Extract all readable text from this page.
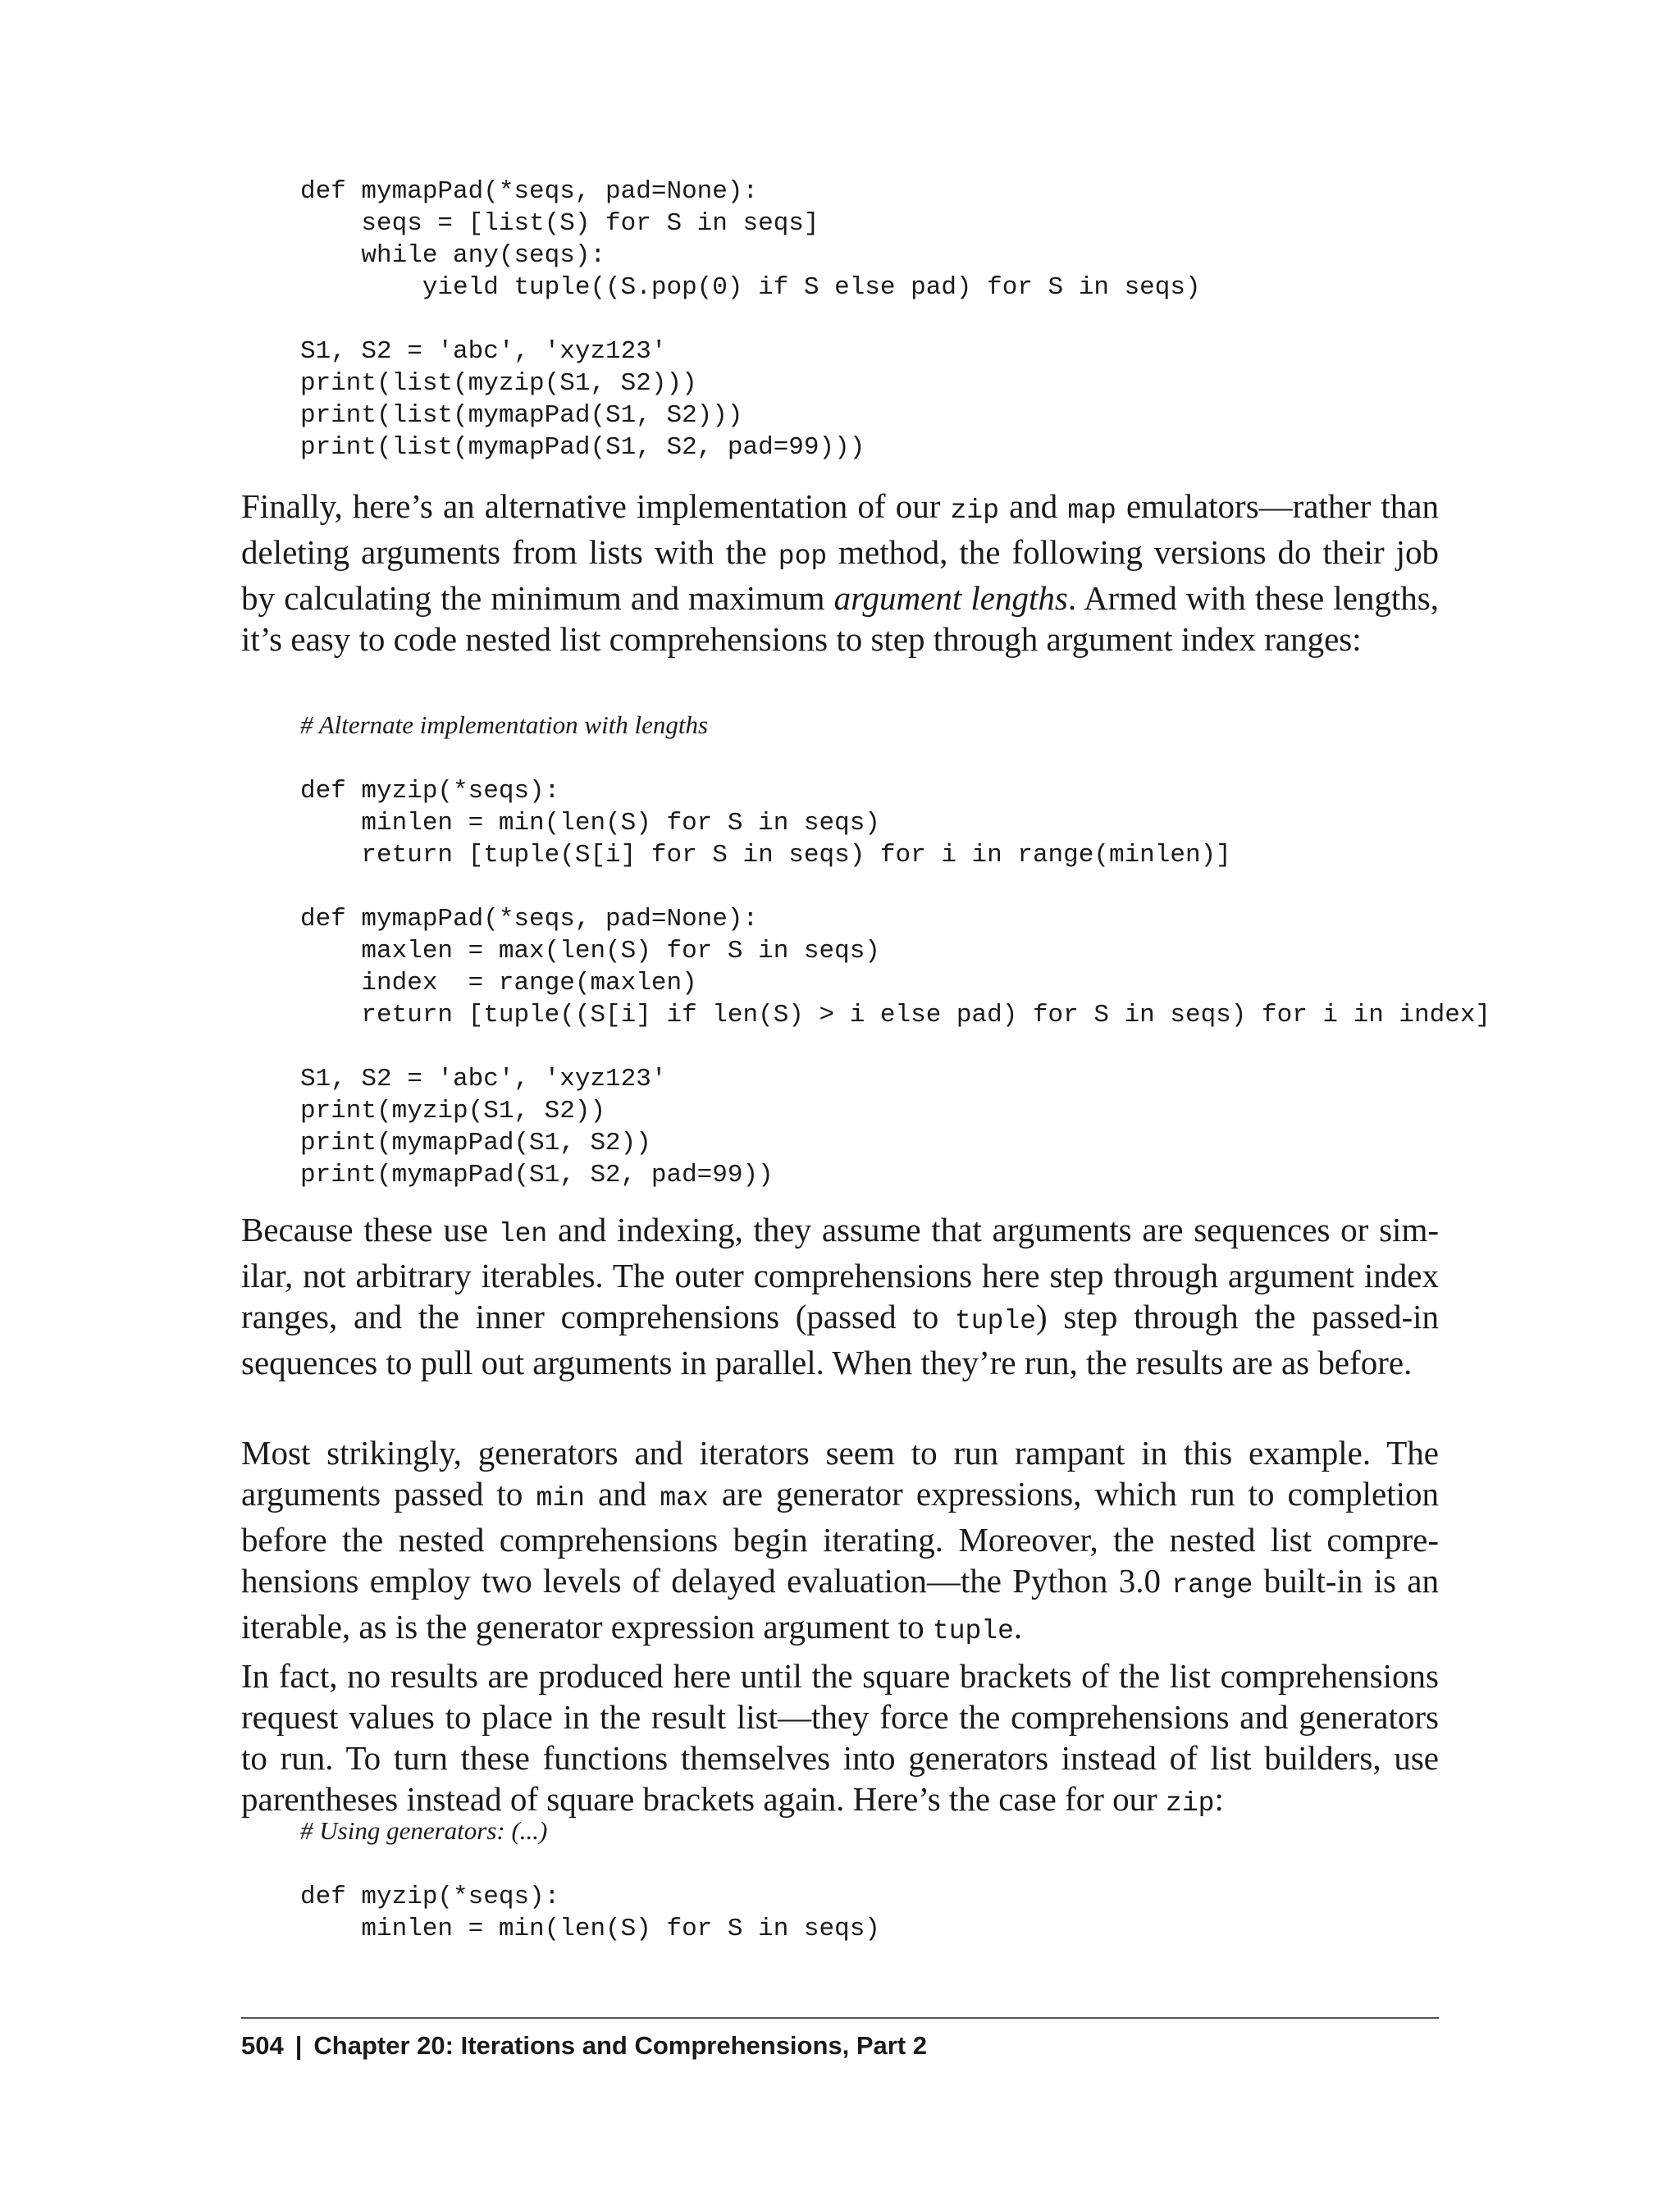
def mymapPad(*seqs, pad=None):
seqs = [list(S) for S in seqs]
while any(seqs):
yield tuple((S.pop(0) if S else pad) for S in seqs)

S1, S2 = 'abc', 'xyz123'
print(list(myzip(S1, S2)))
print(list(mymapPad(S1, S2)))
print(list(mymapPad(S1, S2, pad=99)))

Finally, here’s an alternative implementation of our zip and map emulators—rather than deleting arguments from lists with the pop method, the following versions do their job by calculating the minimum and maximum argument lengths. Armed with these lengths, it’s easy to code nested list comprehensions to step through argument index ranges:

# Alternate implementation with lengths

def myzip(*seqs):
minlen = min(len(S) for S in seqs)
return [tuple(S[i] for S in seqs) for i in range(minlen)]

def mymapPad(*seqs, pad=None):
maxlen = max(len(S) for S in seqs)
index  = range(maxlen)
return [tuple((S[i] if len(S) > i else pad) for S in seqs) for i in index]

S1, S2 = 'abc', 'xyz123'
print(myzip(S1, S2))
print(mymapPad(S1, S2))
print(mymapPad(S1, S2, pad=99))

Because these use len and indexing, they assume that arguments are sequences or sim-ilar, not arbitrary iterables. The outer comprehensions here step through argument index ranges, and the inner comprehensions (passed to tuple) step through the passed-in sequences to pull out arguments in parallel. When they’re run, the results are as before.

Most strikingly, generators and iterators seem to run rampant in this example. The arguments passed to min and max are generator expressions, which run to completion before the nested comprehensions begin iterating. Moreover, the nested list compre-hensions employ two levels of delayed evaluation—the Python 3.0 range built-in is an iterable, as is the generator expression argument to tuple.

In fact, no results are produced here until the square brackets of the list comprehensions request values to place in the result list—they force the comprehensions and generators to run. To turn these functions themselves into generators instead of list builders, use parentheses instead of square brackets again. Here’s the case for our zip:

# Using generators: (...)

def myzip(*seqs):
minlen = min(len(S) for S in seqs)
504 | Chapter 20: Iterations and Comprehensions, Part 2
